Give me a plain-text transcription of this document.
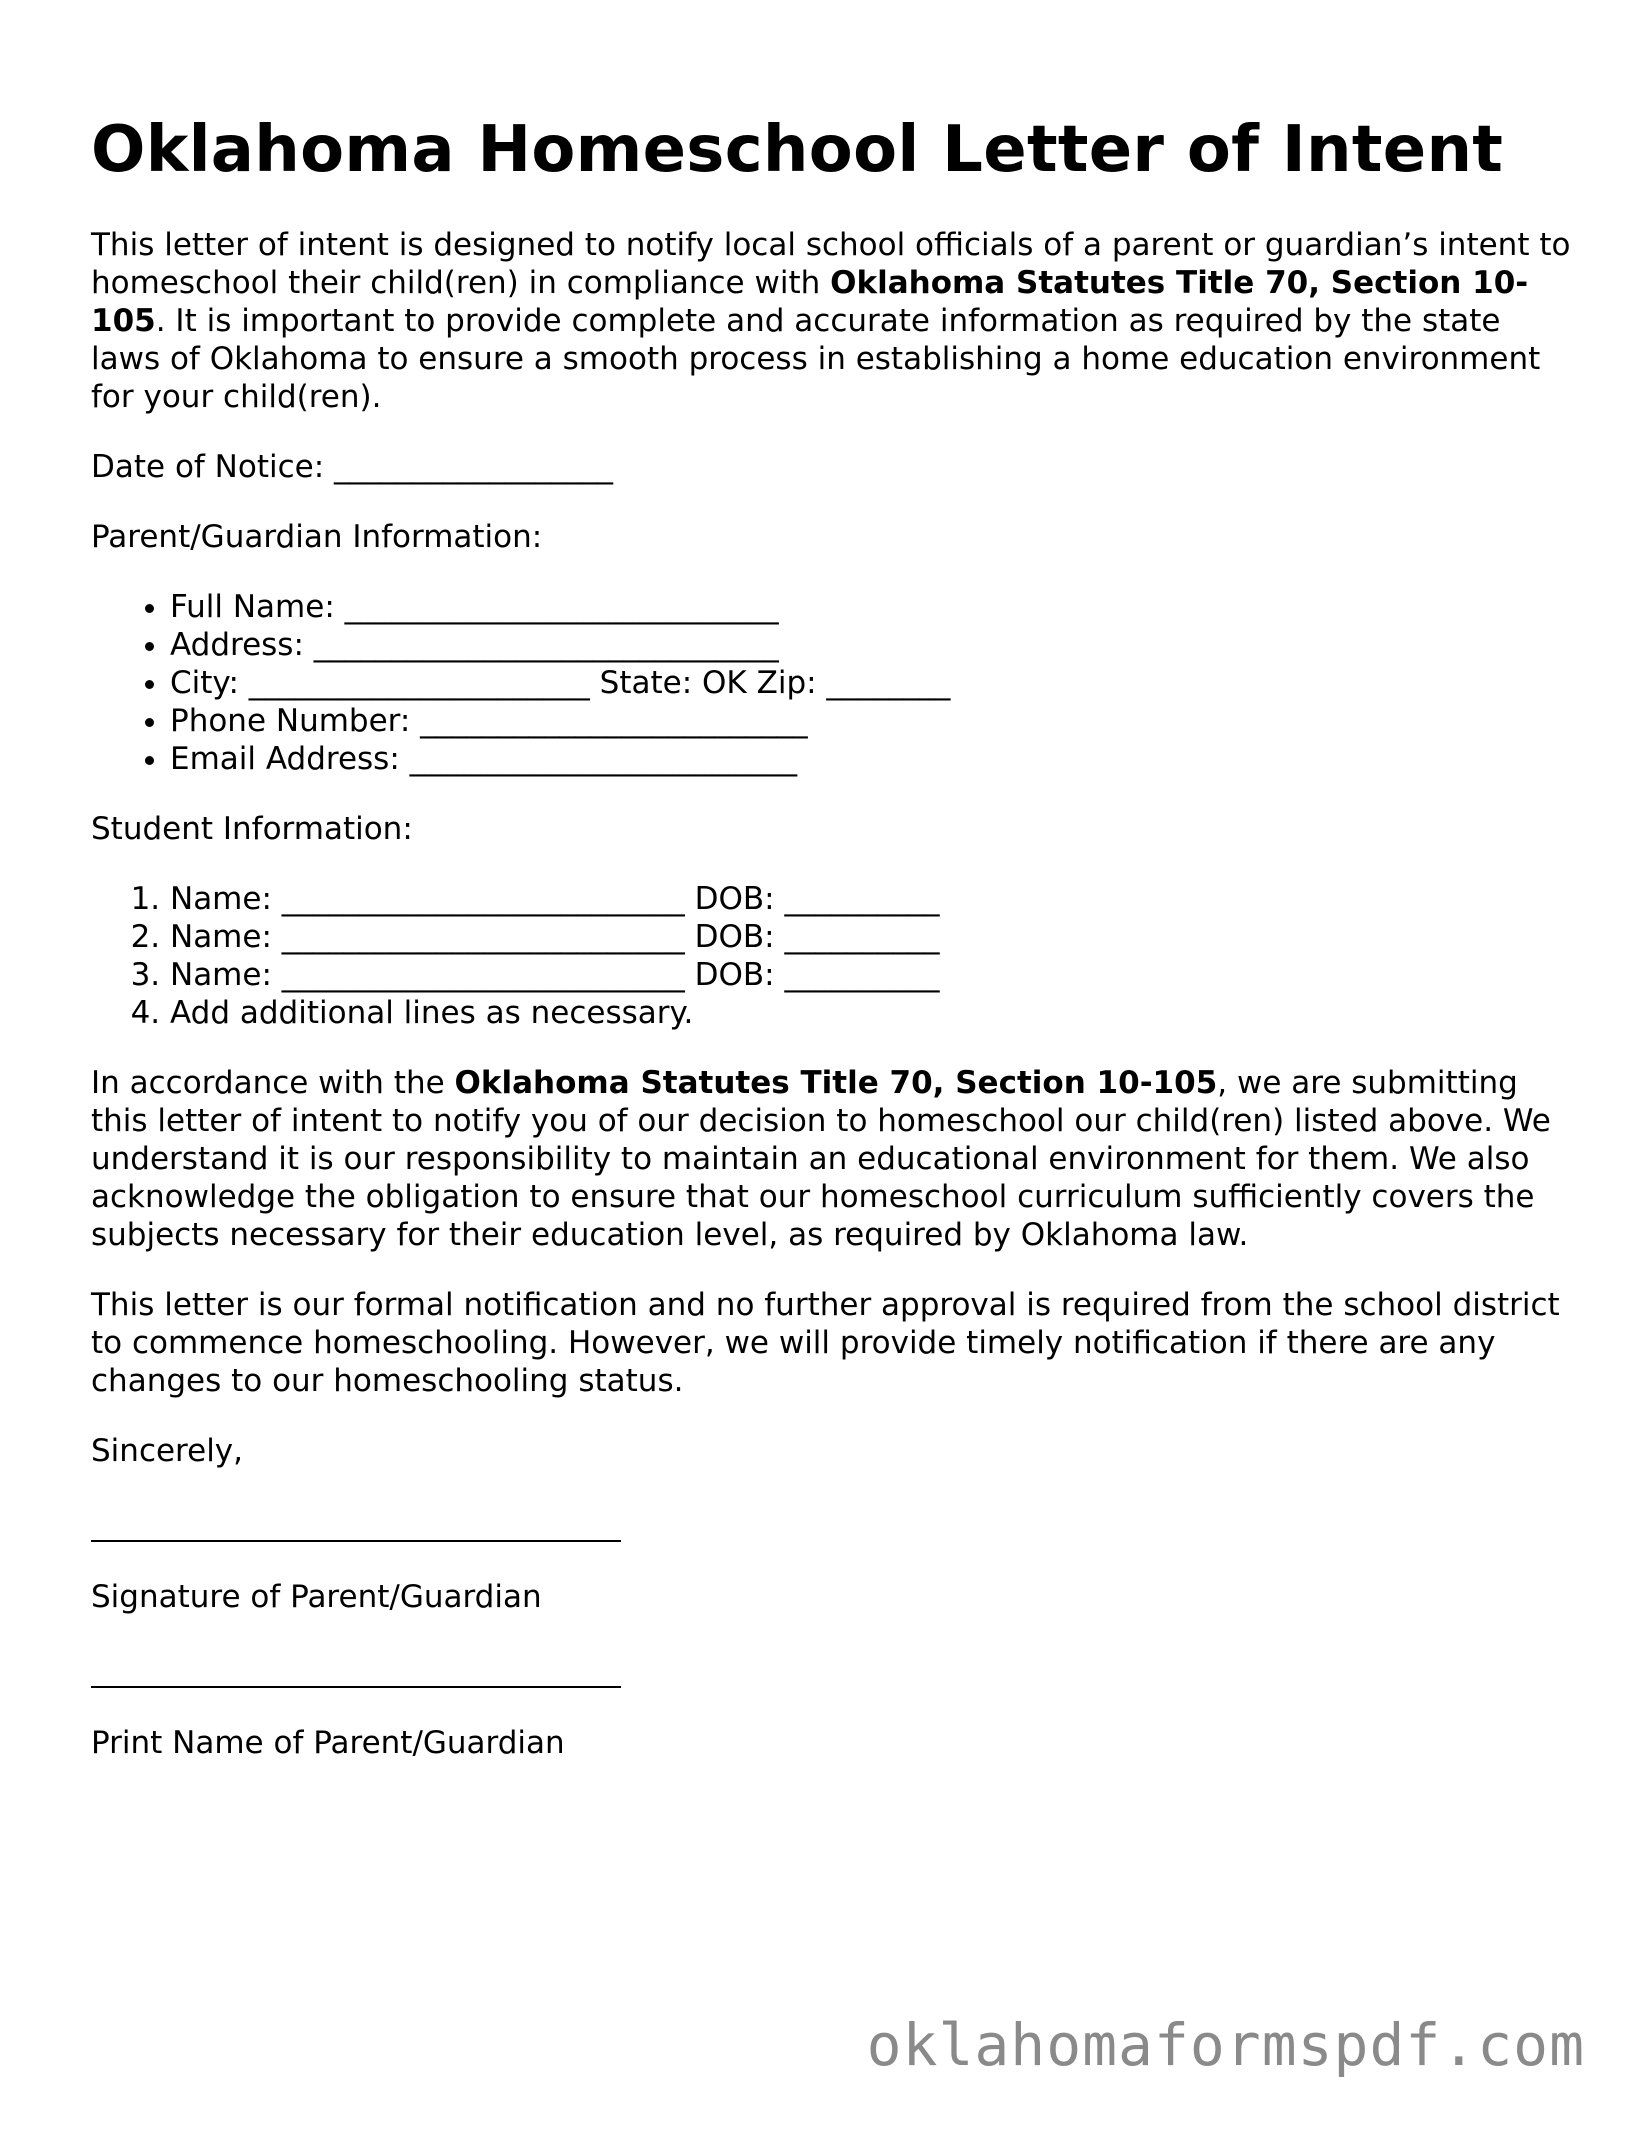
Oklahoma Homeschool Letter of Intent

This letter of intent is designed to notify local school officials of a parent or guardian’s intent to homeschool their child(ren) in compliance with Oklahoma Statutes Title 70, Section 10-105. It is important to provide complete and accurate information as required by the state laws of Oklahoma to ensure a smooth process in establishing a home education environment for your child(ren).

Date of Notice: __________________

Parent/Guardian Information:

• Full Name: ____________________________
• Address: ______________________________
• City: ______________________ State: OK Zip: ________
• Phone Number: _________________________
• Email Address: _________________________

Student Information:

1. Name: __________________________ DOB: __________
2. Name: __________________________ DOB: __________
3. Name: __________________________ DOB: __________
4. Add additional lines as necessary.

In accordance with the Oklahoma Statutes Title 70, Section 10-105, we are submitting this letter of intent to notify you of our decision to homeschool our child(ren) listed above. We understand it is our responsibility to maintain an educational environment for them. We also acknowledge the obligation to ensure that our homeschool curriculum sufficiently covers the subjects necessary for their education level, as required by Oklahoma law.

This letter is our formal notification and no further approval is required from the school district to commence homeschooling. However, we will provide timely notification if there are any changes to our homeschooling status.

Sincerely,

Signature of Parent/Guardian

Print Name of Parent/Guardian

oklahomaformspdf.com
